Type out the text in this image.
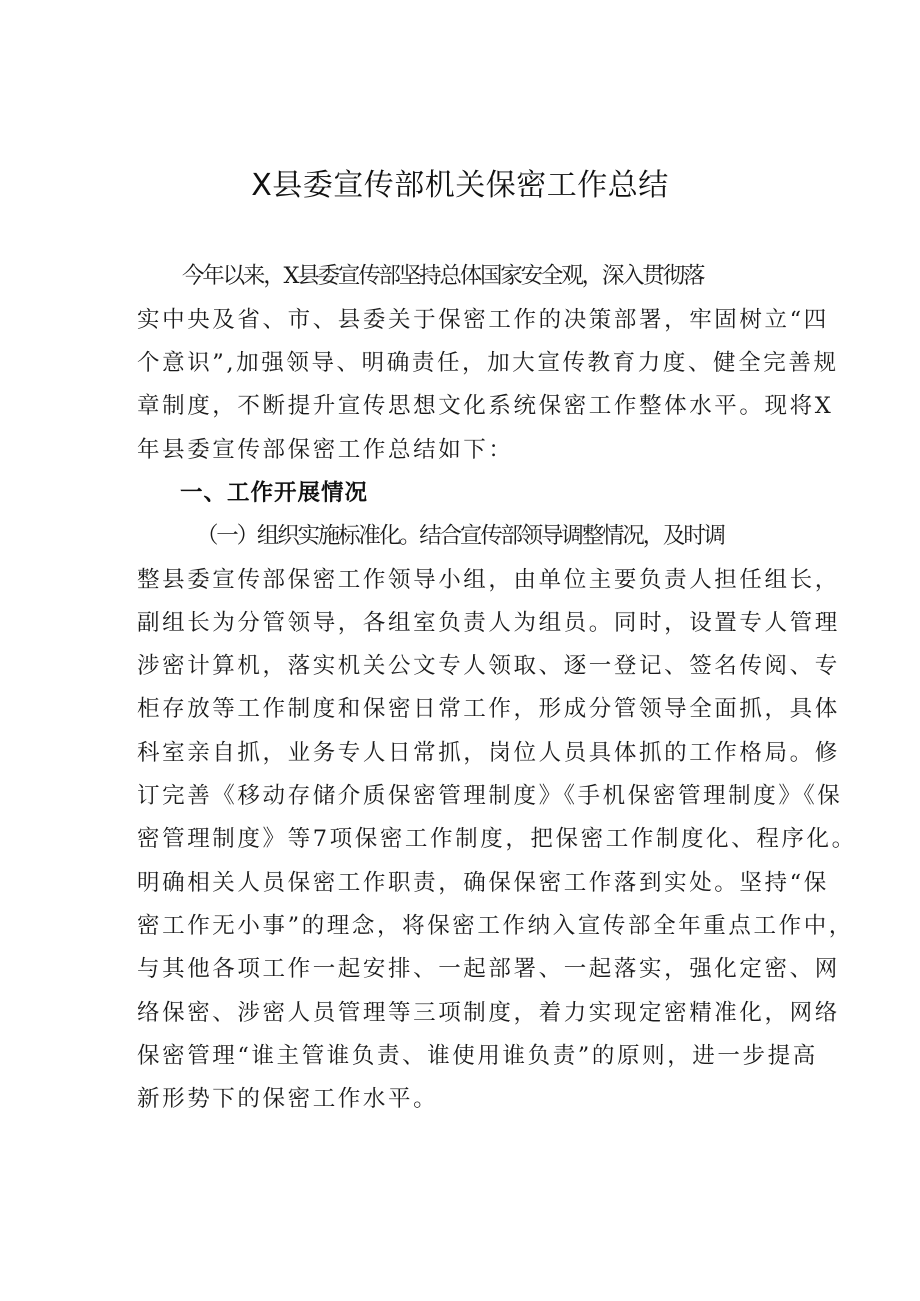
X县委宣传部机关保密工作总结
今年以来，X县委宣传部坚持总体国家安全观，深入贯彻落
实中央及省、市、县委关于保密工作的决策部署，牢固树立“四
个意识”,加强领导、明确责任，加大宣传教育力度、健全完善规
章制度，不断提升宣传思想文化系统保密工作整体水平。现将X
年县委宣传部保密工作总结如下：
一、工作开展情况
（一）组织实施标准化。结合宣传部领导调整情况，及时调
整县委宣传部保密工作领导小组，由单位主要负责人担任组长，
副组长为分管领导，各组室负责人为组员。同时，设置专人管理
涉密计算机，落实机关公文专人领取、逐一登记、签名传阅、专
柜存放等工作制度和保密日常工作，形成分管领导全面抓，具体
科室亲自抓，业务专人日常抓，岗位人员具体抓的工作格局。修
订完善《移动存储介质保密管理制度》《手机保密管理制度》《保
密管理制度》等7项保密工作制度，把保密工作制度化、程序化。
明确相关人员保密工作职责，确保保密工作落到实处。坚持“保
密工作无小事”的理念，将保密工作纳入宣传部全年重点工作中，
与其他各项工作一起安排、一起部署、一起落实，强化定密、网
络保密、涉密人员管理等三项制度，着力实现定密精准化，网络
保密管理“谁主管谁负责、谁使用谁负责”的原则，进一步提高
新形势下的保密工作水平。
